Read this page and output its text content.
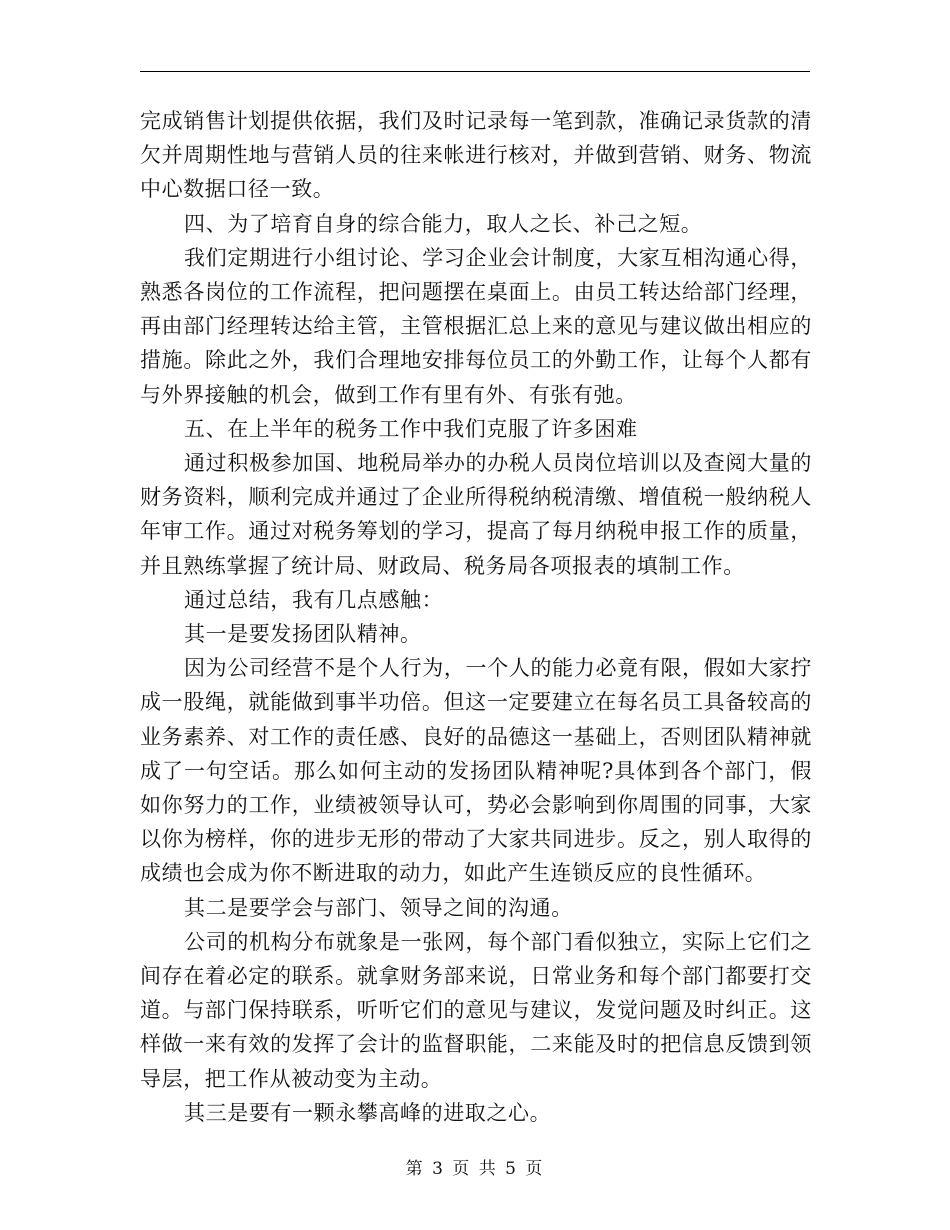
完成销售计划提供依据，我们及时记录每一笔到款，准确记录货款的清欠并周期性地与营销人员的往来帐进行核对，并做到营销、财务、物流中心数据口径一致。

四、为了培育自身的综合能力，取人之长、补己之短。

我们定期进行小组讨论、学习企业会计制度，大家互相沟通心得，熟悉各岗位的工作流程，把问题摆在桌面上。由员工转达给部门经理，再由部门经理转达给主管，主管根据汇总上来的意见与建议做出相应的措施。除此之外，我们合理地安排每位员工的外勤工作，让每个人都有与外界接触的机会，做到工作有里有外、有张有弛。

五、在上半年的税务工作中我们克服了许多困难

通过积极参加国、地税局举办的办税人员岗位培训以及查阅大量的财务资料，顺利完成并通过了企业所得税纳税清缴、增值税一般纳税人年审工作。通过对税务筹划的学习，提高了每月纳税申报工作的质量，并且熟练掌握了统计局、财政局、税务局各项报表的填制工作。

通过总结，我有几点感触：

其一是要发扬团队精神。

因为公司经营不是个人行为，一个人的能力必竟有限，假如大家拧成一股绳，就能做到事半功倍。但这一定要建立在每名员工具备较高的业务素养、对工作的责任感、良好的品德这一基础上，否则团队精神就成了一句空话。那么如何主动的发扬团队精神呢?具体到各个部门，假如你努力的工作，业绩被领导认可，势必会影响到你周围的同事，大家以你为榜样，你的进步无形的带动了大家共同进步。反之，别人取得的成绩也会成为你不断进取的动力，如此产生连锁反应的良性循环。

其二是要学会与部门、领导之间的沟通。

公司的机构分布就象是一张网，每个部门看似独立，实际上它们之间存在着必定的联系。就拿财务部来说，日常业务和每个部门都要打交道。与部门保持联系，听听它们的意见与建议，发觉问题及时纠正。这样做一来有效的发挥了会计的监督职能，二来能及时的把信息反馈到领导层，把工作从被动变为主动。

其三是要有一颗永攀高峰的进取之心。

第 3 页 共 5 页
